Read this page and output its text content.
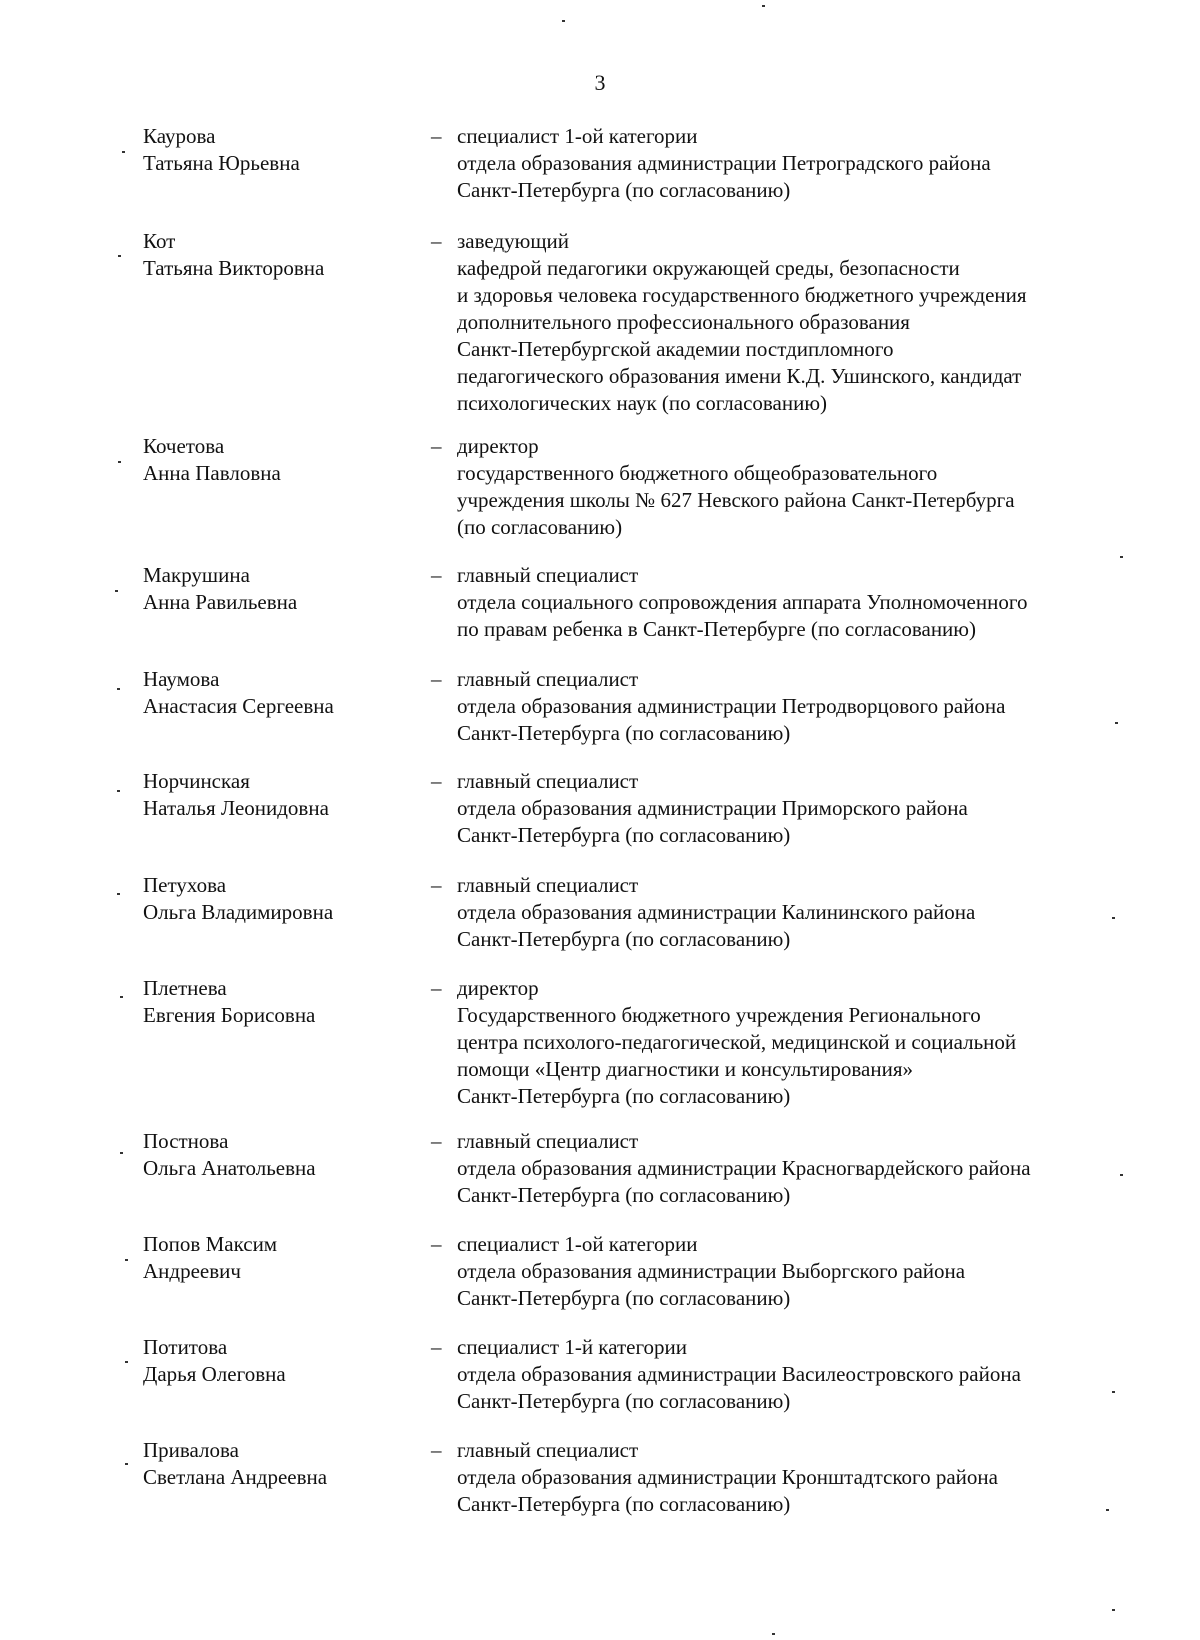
3
Каурова
Татьяна Юрьевна
– специалист 1-ой категории
отдела образования администрации Петроградского района
Санкт-Петербурга (по согласованию)
Кот
Татьяна Викторовна
– заведующий
кафедрой педагогики окружающей среды, безопасности
и здоровья человека государственного бюджетного учреждения
дополнительного профессионального образования
Санкт-Петербургской академии постдипломного
педагогического образования имени К.Д. Ушинского, кандидат
психологических наук (по согласованию)
Кочетова
Анна Павловна
– директор
государственного бюджетного общеобразовательного
учреждения школы № 627 Невского района Санкт-Петербурга
(по согласованию)
Макрушина
Анна Равильевна
– главный специалист
отдела социального сопровождения аппарата Уполномоченного
по правам ребенка в Санкт-Петербурге (по согласованию)
Наумова
Анастасия Сергеевна
– главный специалист
отдела образования администрации Петродворцового района
Санкт-Петербурга (по согласованию)
Норчинская
Наталья Леонидовна
– главный специалист
отдела образования администрации Приморского района
Санкт-Петербурга (по согласованию)
Петухова
Ольга Владимировна
– главный специалист
отдела образования администрации Калининского района
Санкт-Петербурга (по согласованию)
Плетнева
Евгения Борисовна
– директор
Государственного бюджетного учреждения Регионального
центра психолого-педагогической, медицинской и социальной
помощи «Центр диагностики и консультирования»
Санкт-Петербурга (по согласованию)
Постнова
Ольга Анатольевна
– главный специалист
отдела образования администрации Красногвардейского района
Санкт-Петербурга (по согласованию)
Попов Максим
Андреевич
– специалист 1-ой категории
отдела образования администрации Выборгского района
Санкт-Петербурга (по согласованию)
Потитова
Дарья Олеговна
– специалист 1-й категории
отдела образования администрации Василеостровского района
Санкт-Петербурга (по согласованию)
Привалова
Светлана Андреевна
– главный специалист
отдела образования администрации Кронштадтского района
Санкт-Петербурга (по согласованию)
